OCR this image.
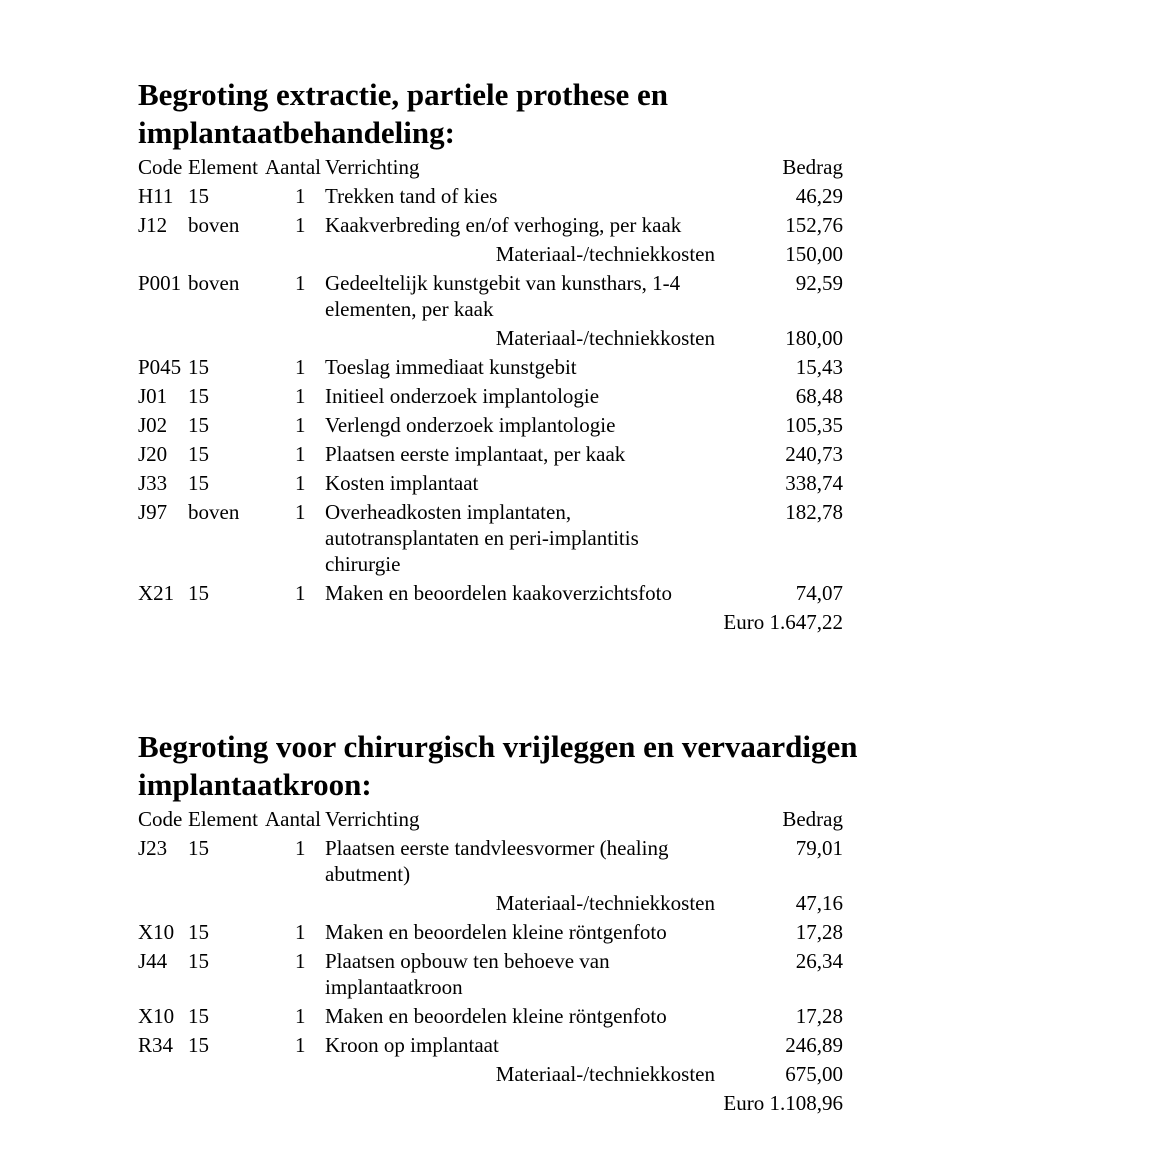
Begroting extractie, partiele prothese en implantaatbehandeling:
Code	Element	Aantal	Verrichting	Bedrag
H11	15	1	Trekken tand of kies	46,29
J12	boven	1	Kaakverbreding en/of verhoging, per kaak	152,76
			Materiaal-/techniekkosten	150,00
P001	boven	1	Gedeeltelijk kunstgebit van kunsthars, 1-4 elementen, per kaak	92,59
			Materiaal-/techniekkosten	180,00
P045	15	1	Toeslag immediaat kunstgebit	15,43
J01	15	1	Initieel onderzoek implantologie	68,48
J02	15	1	Verlengd onderzoek implantologie	105,35
J20	15	1	Plaatsen eerste implantaat, per kaak	240,73
J33	15	1	Kosten implantaat	338,74
J97	boven	1	Overheadkosten implantaten, autotransplantaten en peri-implantitis chirurgie	182,78
X21	15	1	Maken en beoordelen kaakoverzichtsfoto	74,07
Euro 1.647,22
Begroting voor chirurgisch vrijleggen en vervaardigen implantaatkroon:
Code	Element	Aantal	Verrichting	Bedrag
J23	15	1	Plaatsen eerste tandvleesvormer (healing abutment)	79,01
			Materiaal-/techniekkosten	47,16
X10	15	1	Maken en beoordelen kleine röntgenfoto	17,28
J44	15	1	Plaatsen opbouw ten behoeve van implantaatkroon	26,34
X10	15	1	Maken en beoordelen kleine röntgenfoto	17,28
R34	15	1	Kroon op implantaat	246,89
			Materiaal-/techniekkosten	675,00
Euro 1.108,96
